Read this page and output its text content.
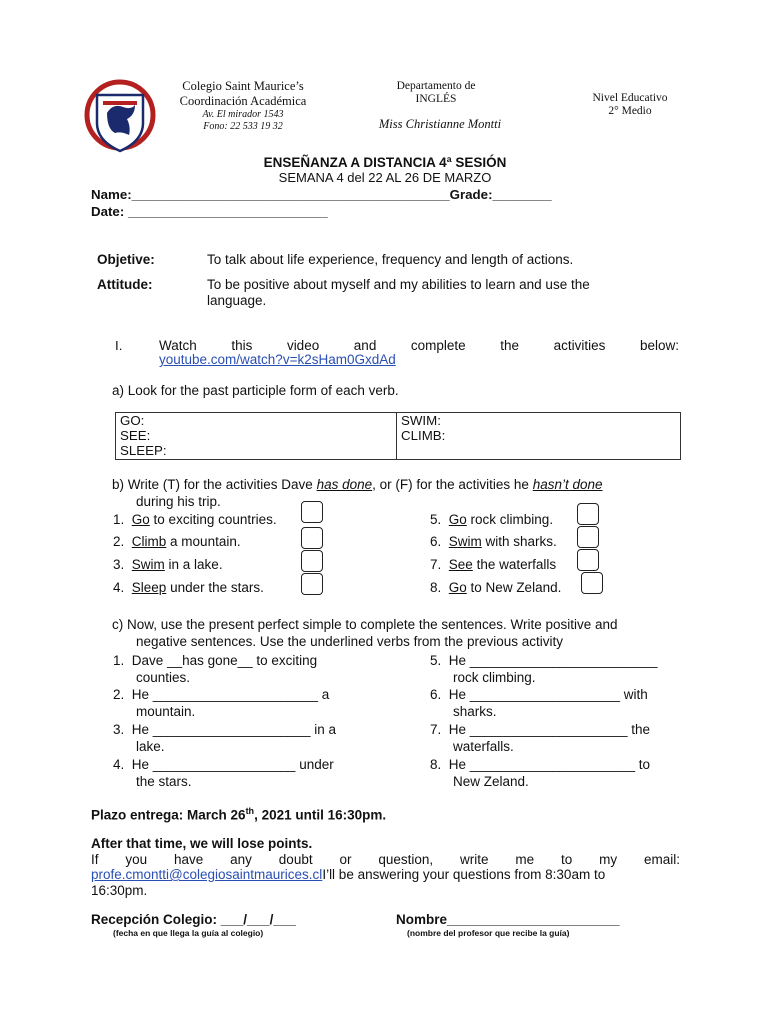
Colegio Saint Maurice’s
Coordinación Académica
Av. El mirador 1543
Fono: 22 533 19 32
Departamento de
INGLÉS
Miss Christianne Montti
Nivel Educativo
2° Medio
ENSEÑANZA A DISTANCIA 4ª SESIÓN
SEMANA 4 del 22 AL 26 DE MARZO
Name:___________________________________________Grade:________
Date: ___________________________
Objetive:	To talk about life experience, frequency and length of actions.
Attitude:	To be positive about myself and my abilities to learn and use the
language.
I.	Watch	this	video	and	complete	the	activities	below:
youtube.com/watch?v=k2sHam0GxdAd
a) Look for the past participle form of each verb.
GO:
SEE:
SLEEP:

SWIM:
CLIMB:
b) Write (T) for the activities Dave has done, or (F) for the activities he hasn’t done
during his trip.
1. Go to exciting countries.
2. Climb a mountain.
3. Swim in a lake.
4. Sleep under the stars.
5. Go rock climbing.
6. Swim with sharks.
7. See the waterfalls
8. Go to New Zeland.
c) Now, use the present perfect simple to complete the sentences. Write positive and
negative sentences. Use the underlined verbs from the previous activity
1. Dave __has gone__ to exciting
counties.
2. He ______________________ a
mountain.
3. He _____________________ in a
lake.
4. He ___________________ under
the stars.
5. He _________________________
rock climbing.
6. He ____________________ with
sharks.
7. He _____________________ the
waterfalls.
8. He ______________________ to
New Zeland.
Plazo entrega: March 26th, 2021 until 16:30pm.
After that time, we will lose points.
If you have any doubt or question, write me to my email:
profe.cmontti@colegiosaintmaurices.clI’ll be answering your questions from 8:30am to
16:30pm.
Recepción Colegio: ___/___/___
(fecha en que llega la guía al colegio)
Nombre_______________________
(nombre del profesor que recibe la guía)
